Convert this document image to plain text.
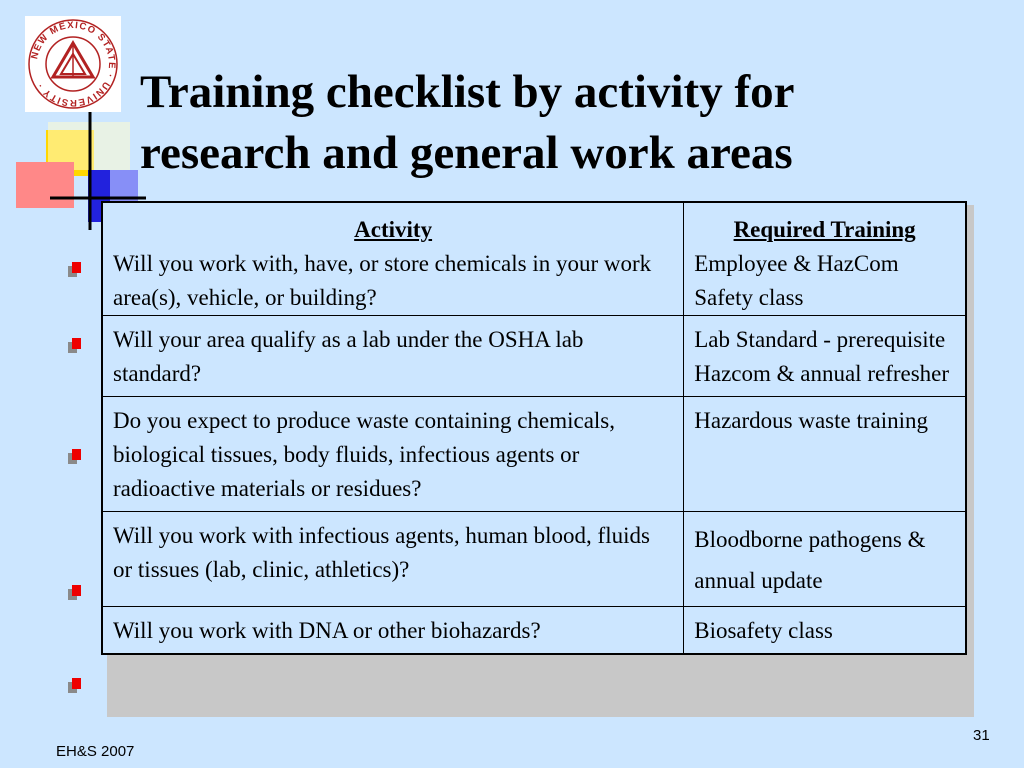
NEW MEXICO STATE · UNIVERSITY ·	Training checklist by activity for
research and general work areas
Activity	Required Training
Will you work with, have, or store chemicals in your work area(s), vehicle, or building?	Employee & HazCom Safety class
Will your area qualify as a lab under the OSHA lab standard?	Lab Standard - prerequisite Hazcom & annual refresher
Do you expect to produce waste containing chemicals, biological tissues, body fluids, infectious agents or radioactive materials or residues?	Hazardous waste training
Will you work with infectious agents, human blood, fluids or tissues (lab, clinic, athletics)?	Bloodborne pathogens & annual update
Will you work with DNA or other biohazards?	Biosafety class
EH&S 2007
31
